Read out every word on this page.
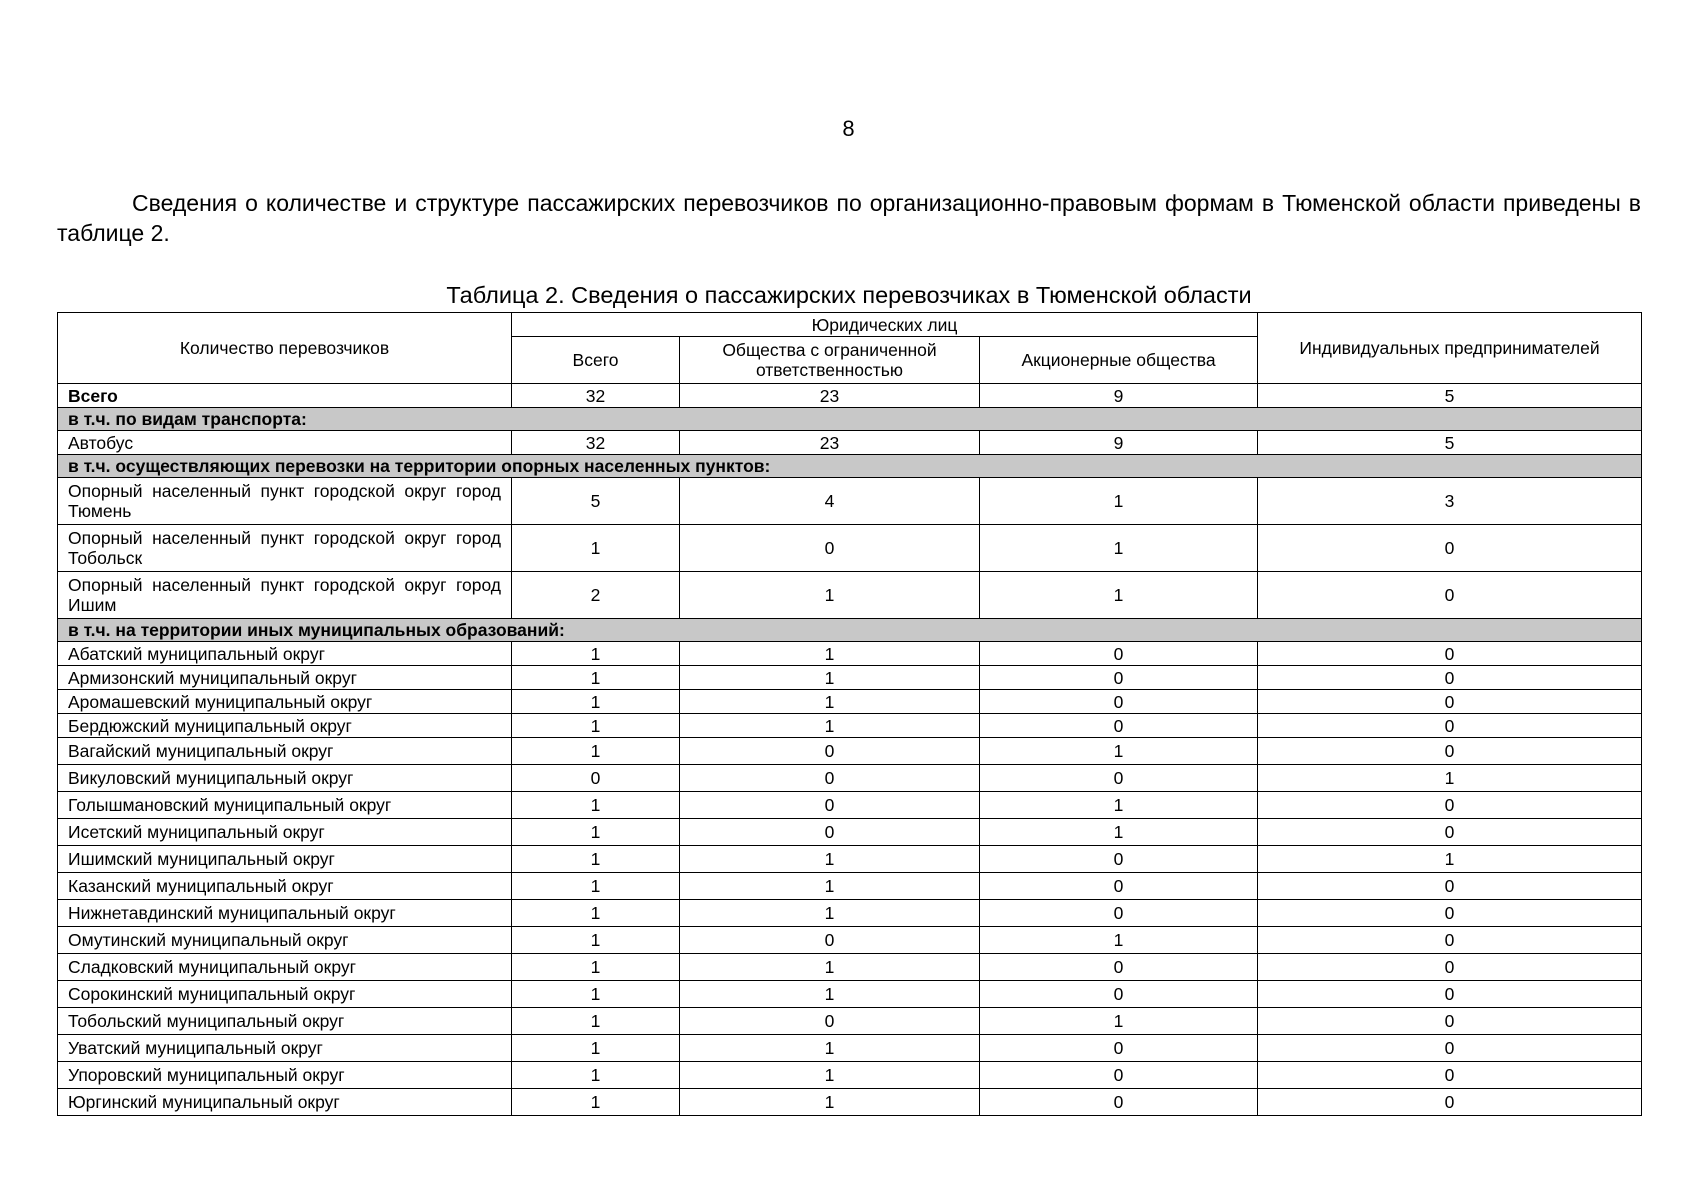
8

Сведения о количестве и структуре пассажирских перевозчиков по организационно-правовым формам в Тюменской области приведены в таблице 2.

Таблица 2. Сведения о пассажирских перевозчиках в Тюменской области
Количество перевозчиков	Юридических лиц			Индивидуальных предпринимателей
	Всего	Общества с ограниченной ответственностью	Акционерные общества	
Всего	32	23	9	5
в т.ч. по видам транспорта:				
Автобус	32	23	9	5
в т.ч. осуществляющих перевозки на территории опорных населенных пунктов:				
Опорный населенный пункт городской округ город Тюмень	5	4	1	3
Опорный населенный пункт городской округ город Тобольск	1	0	1	0
Опорный населенный пункт городской округ город Ишим	2	1	1	0
в т.ч. на территории иных муниципальных образований:				
Абатский муниципальный округ	1	1	0	0
Армизонский муниципальный округ	1	1	0	0
Аромашевский муниципальный округ	1	1	0	0
Бердюжский муниципальный округ	1	1	0	0
Вагайский муниципальный округ	1	0	1	0
Викуловский муниципальный округ	0	0	0	1
Голышмановский муниципальный округ	1	0	1	0
Исетский муниципальный округ	1	0	1	0
Ишимский муниципальный округ	1	1	0	1
Казанский муниципальный округ	1	1	0	0
Нижнетавдинский муниципальный округ	1	1	0	0
Омутинский муниципальный округ	1	0	1	0
Сладковский муниципальный округ	1	1	0	0
Сорокинский муниципальный округ	1	1	0	0
Тобольский муниципальный округ	1	0	1	0
Уватский муниципальный округ	1	1	0	0
Упоровский муниципальный округ	1	1	0	0
Юргинский муниципальный округ	1	1	0	0
